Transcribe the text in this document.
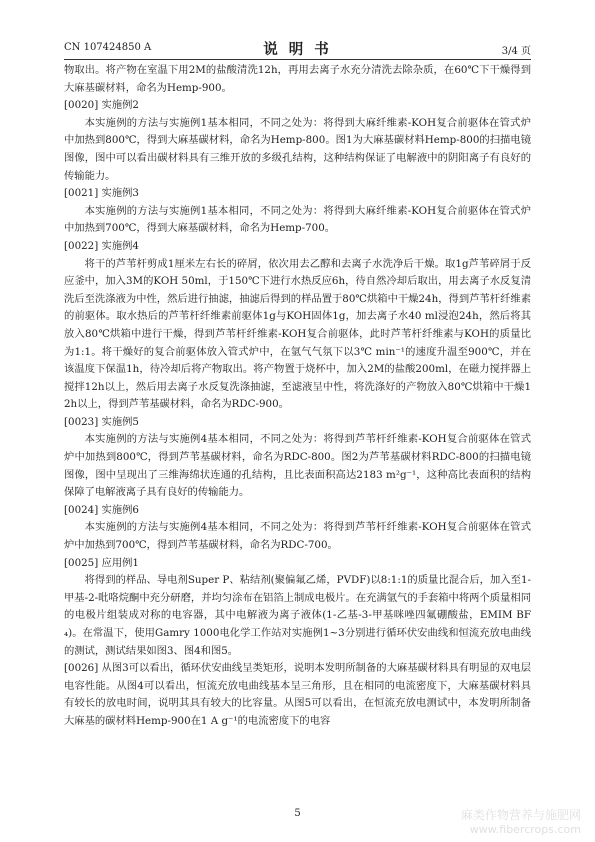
CN 107424850 A	说 明 书	3/4 页

物取出。将产物在室温下用2M的盐酸清洗12h，再用去离子水充分清洗去除杂质，在60℃下干燥得到大麻基碳材料，命名为Hemp-900。

[0020] 实施例2

本实施例的方法与实施例1基本相同，不同之处为：将得到大麻纤维素-KOH复合前驱体在管式炉中加热到800℃，得到大麻基碳材料，命名为Hemp-800。图1为大麻基碳材料Hemp-800的扫描电镜图像，图中可以看出碳材料具有三维开放的多级孔结构，这种结构保证了电解液中的阴阳离子有良好的传输能力。

[0021] 实施例3

本实施例的方法与实施例1基本相同，不同之处为：将得到大麻纤维素-KOH复合前驱体在管式炉中加热到700℃，得到大麻基碳材料，命名为Hemp-700。

[0022] 实施例4

将干的芦苇杆剪成1厘米左右长的碎屑，依次用去乙醇和去离子水洗净后干燥。取1g芦苇碎屑于反应釜中，加入3M的KOH 50ml，于150℃下进行水热反应6h，待自然冷却后取出，用去离子水反复清洗后至洗涤液为中性，然后进行抽滤，抽滤后得到的样品置于80℃烘箱中干燥24h，得到芦苇杆纤维素的前驱体。取水热后的芦苇杆纤维素前驱体1g与KOH固体1g，加去离子水40 ml浸泡24h，然后将其放入80℃烘箱中进行干燥，得到芦苇杆纤维素-KOH复合前驱体，此时芦苇杆纤维素与KOH的质量比为1:1。将干燥好的复合前驱体放入管式炉中，在氩气气氛下以3℃ min⁻¹的速度升温至900℃，并在该温度下保温1h，待冷却后将产物取出。将产物置于烧杯中，加入2M的盐酸200ml，在磁力搅拌器上搅拌12h以上，然后用去离子水反复洗涤抽滤，至滤液呈中性，将洗涤好的产物放入80℃烘箱中干燥12h以上，得到芦苇基碳材料，命名为RDC-900。

[0023] 实施例5

本实施例的方法与实施例4基本相同，不同之处为：将得到芦苇杆纤维素-KOH复合前驱体在管式炉中加热到800℃，得到芦苇基碳材料，命名为RDC-800。图2为芦苇基碳材料RDC-800的扫描电镜图像，图中呈现出了三维海绵状连通的孔结构，且比表面积高达2183 m²g⁻¹，这种高比表面积的结构保障了电解液离子具有良好的传输能力。

[0024] 实施例6

本实施例的方法与实施例4基本相同，不同之处为：将得到芦苇杆纤维素-KOH复合前驱体在管式炉中加热到700℃，得到芦苇基碳材料，命名为RDC-700。

[0025] 应用例1

将得到的样品、导电剂Super P、粘结剂(聚偏氟乙烯，PVDF)以8:1:1的质量比混合后，加入至1-甲基-2-吡咯烷酮中充分研磨，并均匀涂布在铝箔上制成电极片。在充满氩气的手套箱中将两个质量相同的电极片组装成对称的电容器，其中电解液为离子液体(1-乙基-3-甲基咪唑四氟硼酸盐，EMIM BF₄)。在常温下，使用Gamry 1000电化学工作站对实施例1~3分别进行循环伏安曲线和恒流充放电曲线的测试，测试结果如图3、图4和图5。

[0026] 从图3可以看出，循环伏安曲线呈类矩形，说明本发明所制备的大麻基碳材料具有明显的双电层电容性能。从图4可以看出，恒流充放电曲线基本呈三角形，且在相同的电流密度下，大麻基碳材料具有较长的放电时间，说明其具有较大的比容量。从图5可以看出，在恒流充放电测试中，本发明所制备大麻基的碳材料Hemp-900在1 A g⁻¹的电流密度下的电容

5	麻类作物营养与施肥网
www.fibercrops.com
